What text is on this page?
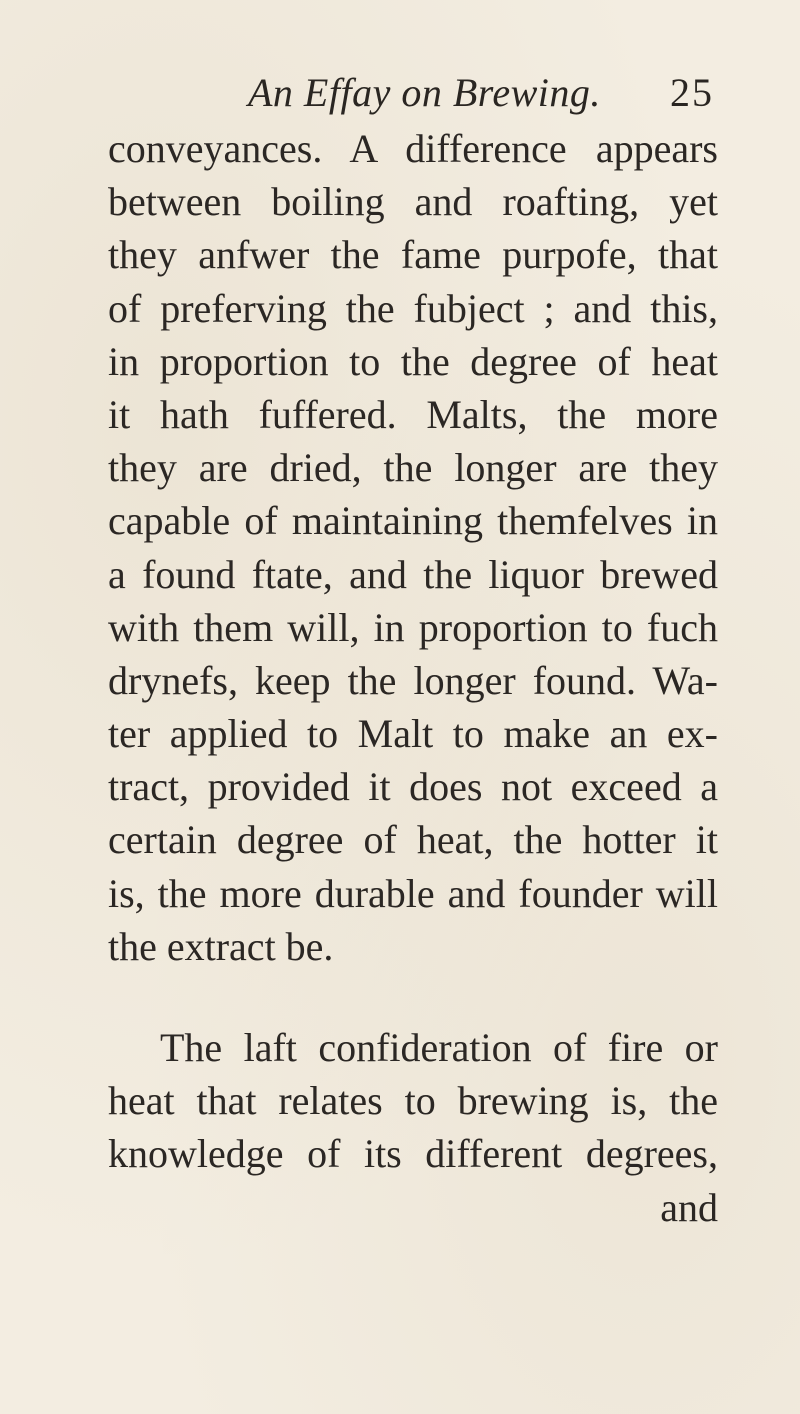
An Effay on Brewing. 25
conveyances. A difference appears
between boiling and roafting, yet
they anfwer the fame purpofe, that
of preferving the fubject ; and this,
in proportion to the degree of heat
it hath fuffered. Malts, the more
they are dried, the longer are they
capable of maintaining themfelves in
a found ftate, and the liquor brewed
with them will, in proportion to fuch
drynefs, keep the longer found. Wa-
ter applied to Malt to make an ex-
tract, provided it does not exceed a
certain degree of heat, the hotter it
is, the more durable and founder will
the extract be.
The laft confideration of fire or
heat that relates to brewing is, the
knowledge of its different degrees,
and
